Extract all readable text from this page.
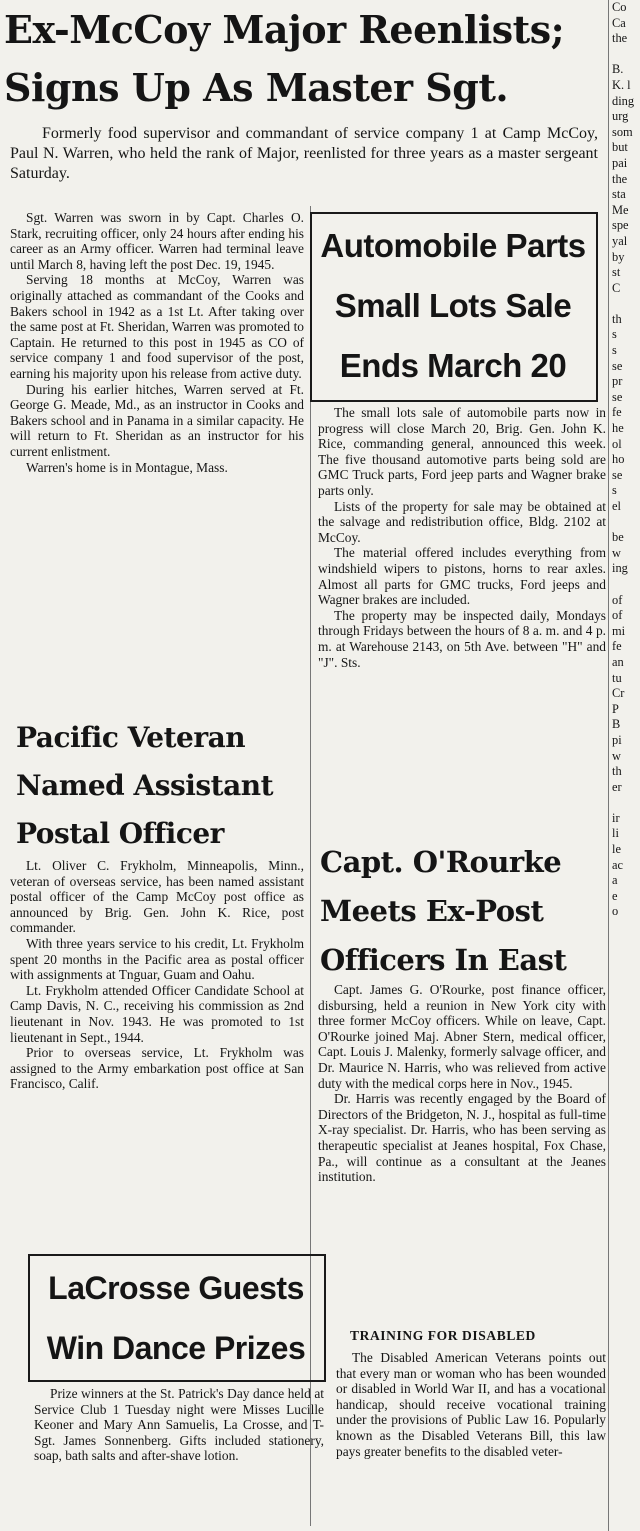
Ex-McCoy Major Reenlists;
Signs Up As Master Sgt.

Formerly food supervisor and commandant of service company 1 at Camp McCoy, Paul N. Warren, who held the rank of Major, reenlisted for three years as a master sergeant Saturday.

Sgt. Warren was sworn in by Capt. Charles O. Stark, recruiting officer, only 24 hours after ending his career as an Army officer. Warren had terminal leave until March 8, having left the post Dec. 19, 1945.

Serving 18 months at McCoy, Warren was originally attached as commandant of the Cooks and Bakers school in 1942 as a 1st Lt. After taking over the same post at Ft. Sheridan, Warren was promoted to Captain. He returned to this post in 1945 as CO of service company 1 and food supervisor of the post, earning his majority upon his release from active duty.

During his earlier hitches, Warren served at Ft. George G. Meade, Md., as an instructor in Cooks and Bakers school and in Panama in a similar capacity. He will return to Ft. Sheridan as an instructor for his current enlistment.

Warren's home is in Montague, Mass.

Automobile Parts
Small Lots Sale
Ends March 20

The small lots sale of automobile parts now in progress will close March 20, Brig. Gen. John K. Rice, commanding general, announced this week. The five thousand automotive parts being sold are GMC Truck parts, Ford jeep parts and Wagner brake parts only.

Lists of the property for sale may be obtained at the salvage and redistribution office, Bldg. 2102 at McCoy.

The material offered includes everything from windshield wipers to pistons, horns to rear axles. Almost all parts for GMC trucks, Ford jeeps and Wagner brakes are included.

The property may be inspected daily, Mondays through Fridays between the hours of 8 a. m. and 4 p. m. at Warehouse 2143, on 5th Ave. between "H" and "J". Sts.

Pacific Veteran
Named Assistant
Postal Officer

Lt. Oliver C. Frykholm, Minneapolis, Minn., veteran of overseas service, has been named assistant postal officer of the Camp McCoy post office as announced by Brig. Gen. John K. Rice, post commander.

With three years service to his credit, Lt. Frykholm spent 20 months in the Pacific area as postal officer with assignments at Tnguar, Guam and Oahu.

Lt. Frykholm attended Officer Candidate School at Camp Davis, N. C., receiving his commission as 2nd lieutenant in Nov. 1943. He was promoted to 1st lieutenant in Sept., 1944.

Prior to overseas service, Lt. Frykholm was assigned to the Army embarkation post office at San Francisco, Calif.

Capt. O'Rourke
Meets Ex-Post
Officers In East

Capt. James G. O'Rourke, post finance officer, disbursing, held a reunion in New York city with three former McCoy officers. While on leave, Capt. O'Rourke joined Maj. Abner Stern, medical officer, Capt. Louis J. Malenky, formerly salvage officer, and Dr. Maurice N. Harris, who was relieved from active duty with the medical corps here in Nov., 1945.

Dr. Harris was recently engaged by the Board of Directors of the Bridgeton, N. J., hospital as full-time X-ray specialist. Dr. Harris, who has been serving as therapeutic specialist at Jeanes hospital, Fox Chase, Pa., will continue as a consultant at the Jeanes institution.

LaCrosse Guests
Win Dance Prizes

Prize winners at the St. Patrick's Day dance held at Service Club 1 Tuesday night were Misses Lucille Keoner and Mary Ann Samuelis, La Crosse, and T-Sgt. James Sonnenberg. Gifts included stationery, soap, bath salts and after-shave lotion.

TRAINING FOR DISABLED

The Disabled American Veterans points out that every man or woman who has been wounded or disabled in World War II, and has a vocational handicap, should receive vocational training under the provisions of Public Law 16. Popularly known as the Disabled Veterans Bill, this law pays greater benefits to the disabled veter-

Co
Ca
the
B.
K. l
ding
urg
som
but
pai
the
sta
Me
spe
yal
by
st
C
th
s
s
se
pr
se
fe
he
ol
ho
se
s
el
be
w
ing
of
of
mi
fe
an
tu
Cr
P
B
pi
w
th
er
ir
li
le
ac
a
e
o
